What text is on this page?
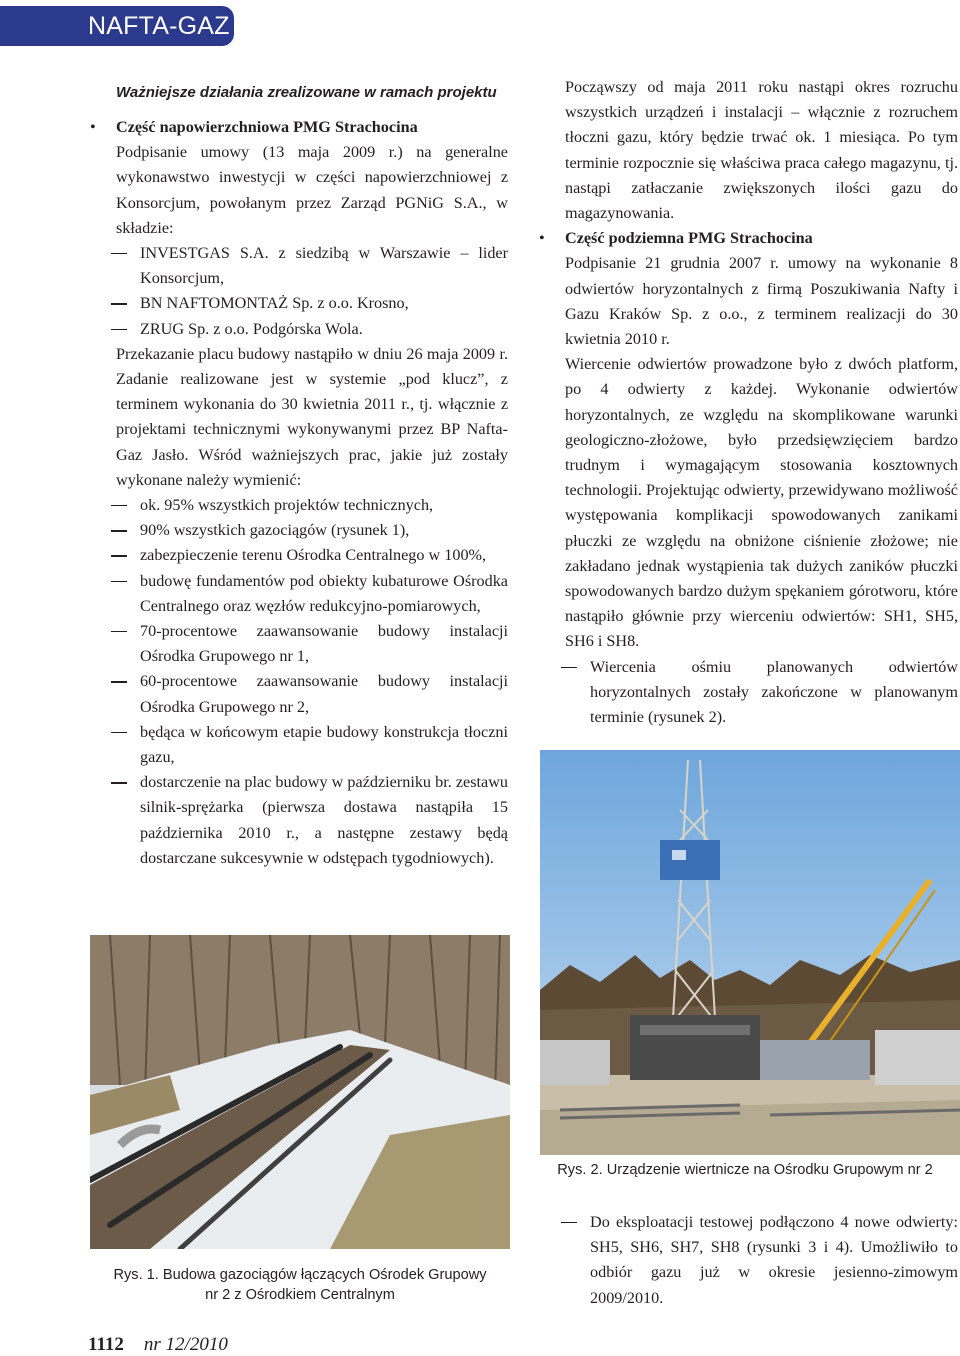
NAFTA-GAZ
Ważniejsze działania zrealizowane w ramach projektu
• Część napowierzchniowa PMG Strachocina

Podpisanie umowy (13 maja 2009 r.) na generalne wykonawstwo inwestycji w części napowierzchniowej z Konsorcjum, powołanym przez Zarząd PGNiG S.A., w składzie:

INVESTGAS S.A. z siedzibą w Warszawie – lider Konsorcjum,
BN NAFTOMONTAŻ Sp. z o.o. Krosno,
ZRUG Sp. z o.o. Podgórska Wola.

Przekazanie placu budowy nastąpiło w dniu 26 maja 2009 r. Zadanie realizowane jest w systemie „pod klucz”, z terminem wykonania do 30 kwietnia 2011 r., tj. włącznie z projektami technicznymi wykonywanymi przez BP Nafta-Gaz Jasło. Wśród ważniejszych prac, jakie już zostały wykonane należy wymienić:

ok. 95% wszystkich projektów technicznych,
90% wszystkich gazociągów (rysunek 1),
zabezpieczenie terenu Ośrodka Centralnego w 100%,
budowę fundamentów pod obiekty kubaturowe Ośrodka Centralnego oraz węzłów redukcyjno-pomiarowych,
70-procentowe zaawansowanie budowy instalacji Ośrodka Grupowego nr 1,
60-procentowe zaawansowanie budowy instalacji Ośrodka Grupowego nr 2,
będąca w końcowym etapie budowy konstrukcja tłoczni gazu,
dostarczenie na plac budowy w październiku br. zestawu silnik-sprężarka (pierwsza dostawa nastąpiła 15 października 2010 r., a następne zestawy będą dostarczane sukcesywnie w odstępach tygodniowych).

Począwszy od maja 2011 roku nastąpi okres rozruchu wszystkich urządzeń i instalacji – włącznie z rozruchem tłoczni gazu, który będzie trwać ok. 1 miesiąca. Po tym terminie rozpocznie się właściwa praca całego magazynu, tj. nastąpi zatłaczanie zwiększonych ilości gazu do magazynowania.

• Część podziemna PMG Strachocina

Podpisanie 21 grudnia 2007 r. umowy na wykonanie 8 odwiertów horyzontalnych z firmą Poszukiwania Nafty i Gazu Kraków Sp. z o.o., z terminem realizacji do 30 kwietnia 2010 r.

Wiercenie odwiertów prowadzone było z dwóch platform, po 4 odwierty z każdej. Wykonanie odwiertów horyzontalnych, ze względu na skomplikowane warunki geologiczno-złożowe, było przedsięwzięciem bardzo trudnym i wymagającym stosowania kosztownych technologii. Projektując odwierty, przewidywano możliwość występowania komplikacji spowodowanych zanikami płuczki ze względu na obniżone ciśnienie złożowe; nie zakładano jednak wystąpienia tak dużych zaników płuczki spowodowanych bardzo dużym spękaniem górotworu, które nastąpiło głównie przy wierceniu odwiertów: SH1, SH5, SH6 i SH8.

Wiercenia ośmiu planowanych odwiertów horyzontalnych zostały zakończone w planowanym terminie (rysunek 2).
Rys. 2. Urządzenie wiertnicze na Ośrodku Grupowym nr 2
Do eksploatacji testowej podłączono 4 nowe odwierty: SH5, SH6, SH7, SH8 (rysunki 3 i 4). Umożliwiło to odbiór gazu już w okresie jesienno-zimowym 2009/2010.
Rys. 1. Budowa gazociągów łączących Ośrodek Grupowy
nr 2 z Ośrodkiem Centralnym
1112 nr 12/2010
